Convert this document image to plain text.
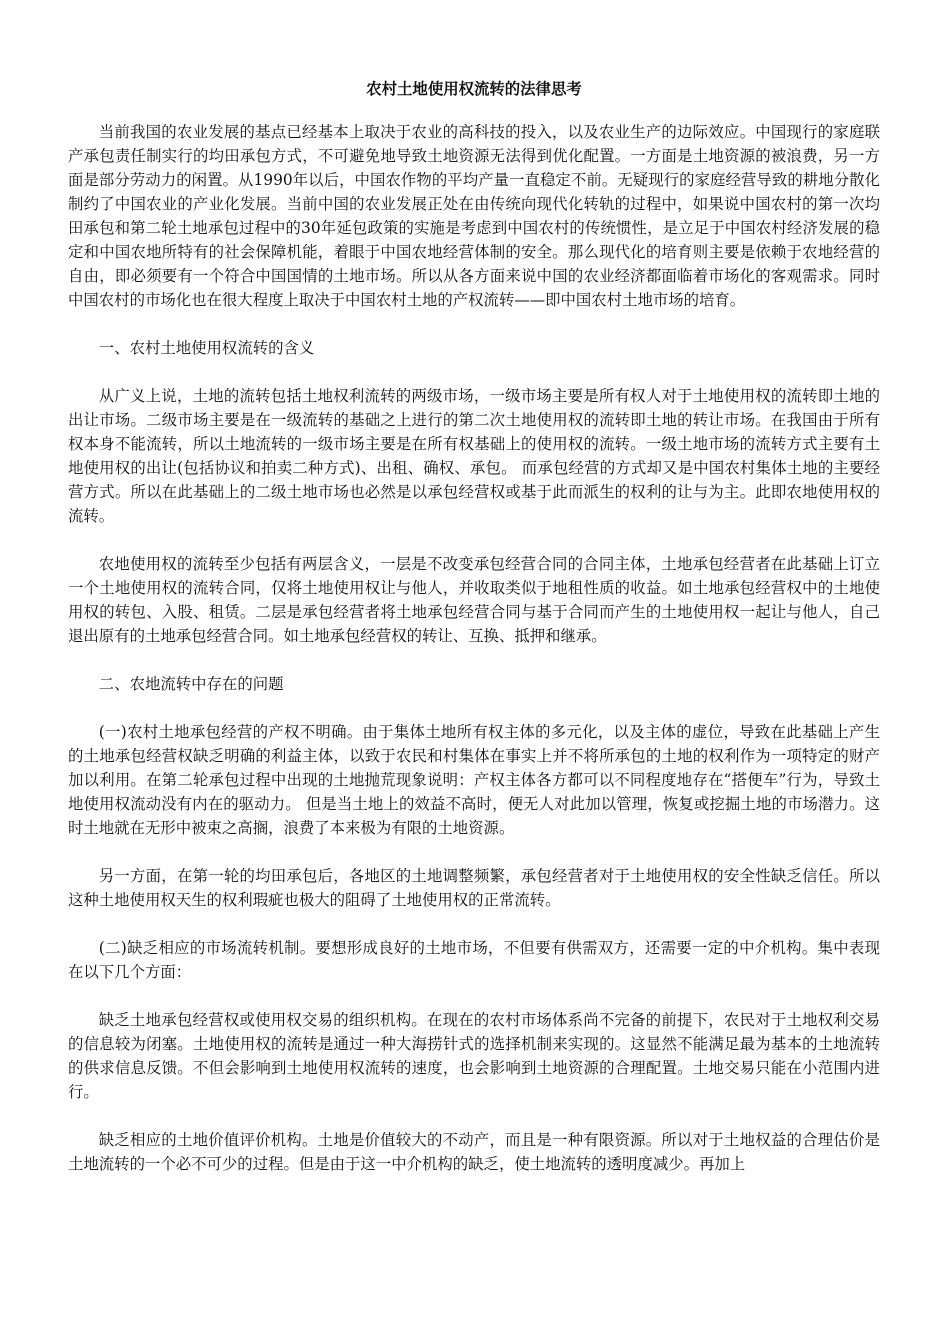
农村土地使用权流转的法律思考

当前我国的农业发展的基点已经基本上取决于农业的高科技的投入，以及农业生产的边际效应。中国现行的家庭联产承包责任制实行的均田承包方式，不可避免地导致土地资源无法得到优化配置。一方面是土地资源的被浪费，另一方面是部分劳动力的闲置。从1990年以后，中国农作物的平均产量一直稳定不前。无疑现行的家庭经营导致的耕地分散化制约了中国农业的产业化发展。当前中国的农业发展正处在由传统向现代化转轨的过程中，如果说中国农村的第一次均田承包和第二轮土地承包过程中的30年延包政策的实施是考虑到中国农村的传统惯性，是立足于中国农村经济发展的稳定和中国农地所特有的社会保障机能，着眼于中国农地经营体制的安全。那么现代化的培育则主要是依赖于农地经营的自由，即必须要有一个符合中国国情的土地市场。所以从各方面来说中国的农业经济都面临着市场化的客观需求。同时中国农村的市场化也在很大程度上取决于中国农村土地的产权流转——即中国农村土地市场的培育。

一、农村土地使用权流转的含义

从广义上说，土地的流转包括土地权利流转的两级市场，一级市场主要是所有权人对于土地使用权的流转即土地的出让市场。二级市场主要是在一级流转的基础之上进行的第二次土地使用权的流转即土地的转让市场。在我国由于所有权本身不能流转，所以土地流转的一级市场主要是在所有权基础上的使用权的流转。一级土地市场的流转方式主要有土地使用权的出让(包括协议和拍卖二种方式)、出租、确权、承包。 而承包经营的方式却又是中国农村集体土地的主要经营方式。所以在此基础上的二级土地市场也必然是以承包经营权或基于此而派生的权利的让与为主。此即农地使用权的流转。

农地使用权的流转至少包括有两层含义，一层是不改变承包经营合同的合同主体，土地承包经营者在此基础上订立一个土地使用权的流转合同，仅将土地使用权让与他人，并收取类似于地租性质的收益。如土地承包经营权中的土地使用权的转包、入股、租赁。二层是承包经营者将土地承包经营合同与基于合同而产生的土地使用权一起让与他人，自己退出原有的土地承包经营合同。如土地承包经营权的转让、互换、抵押和继承。

二、农地流转中存在的问题

(一)农村土地承包经营的产权不明确。由于集体土地所有权主体的多元化，以及主体的虚位，导致在此基础上产生的土地承包经营权缺乏明确的利益主体，以致于农民和村集体在事实上并不将所承包的土地的权利作为一项特定的财产加以利用。在第二轮承包过程中出现的土地抛荒现象说明：产权主体各方都可以不同程度地存在“搭便车”行为，导致土地使用权流动没有内在的驱动力。 但是当土地上的效益不高时，便无人对此加以管理，恢复或挖掘土地的市场潜力。这时土地就在无形中被束之高搁，浪费了本来极为有限的土地资源。

另一方面，在第一轮的均田承包后，各地区的土地调整频繁，承包经营者对于土地使用权的安全性缺乏信任。所以这种土地使用权天生的权利瑕疵也极大的阻碍了土地使用权的正常流转。

(二)缺乏相应的市场流转机制。要想形成良好的土地市场，不但要有供需双方，还需要一定的中介机构。集中表现在以下几个方面：

缺乏土地承包经营权或使用权交易的组织机构。在现在的农村市场体系尚不完备的前提下，农民对于土地权利交易的信息较为闭塞。土地使用权的流转是通过一种大海捞针式的选择机制来实现的。这显然不能满足最为基本的土地流转的供求信息反馈。不但会影响到土地使用权流转的速度，也会影响到土地资源的合理配置。土地交易只能在小范围内进行。

缺乏相应的土地价值评价机构。土地是价值较大的不动产，而且是一种有限资源。所以对于土地权益的合理估价是土地流转的一个必不可少的过程。但是由于这一中介机构的缺乏，使土地流转的透明度减少。再加上
